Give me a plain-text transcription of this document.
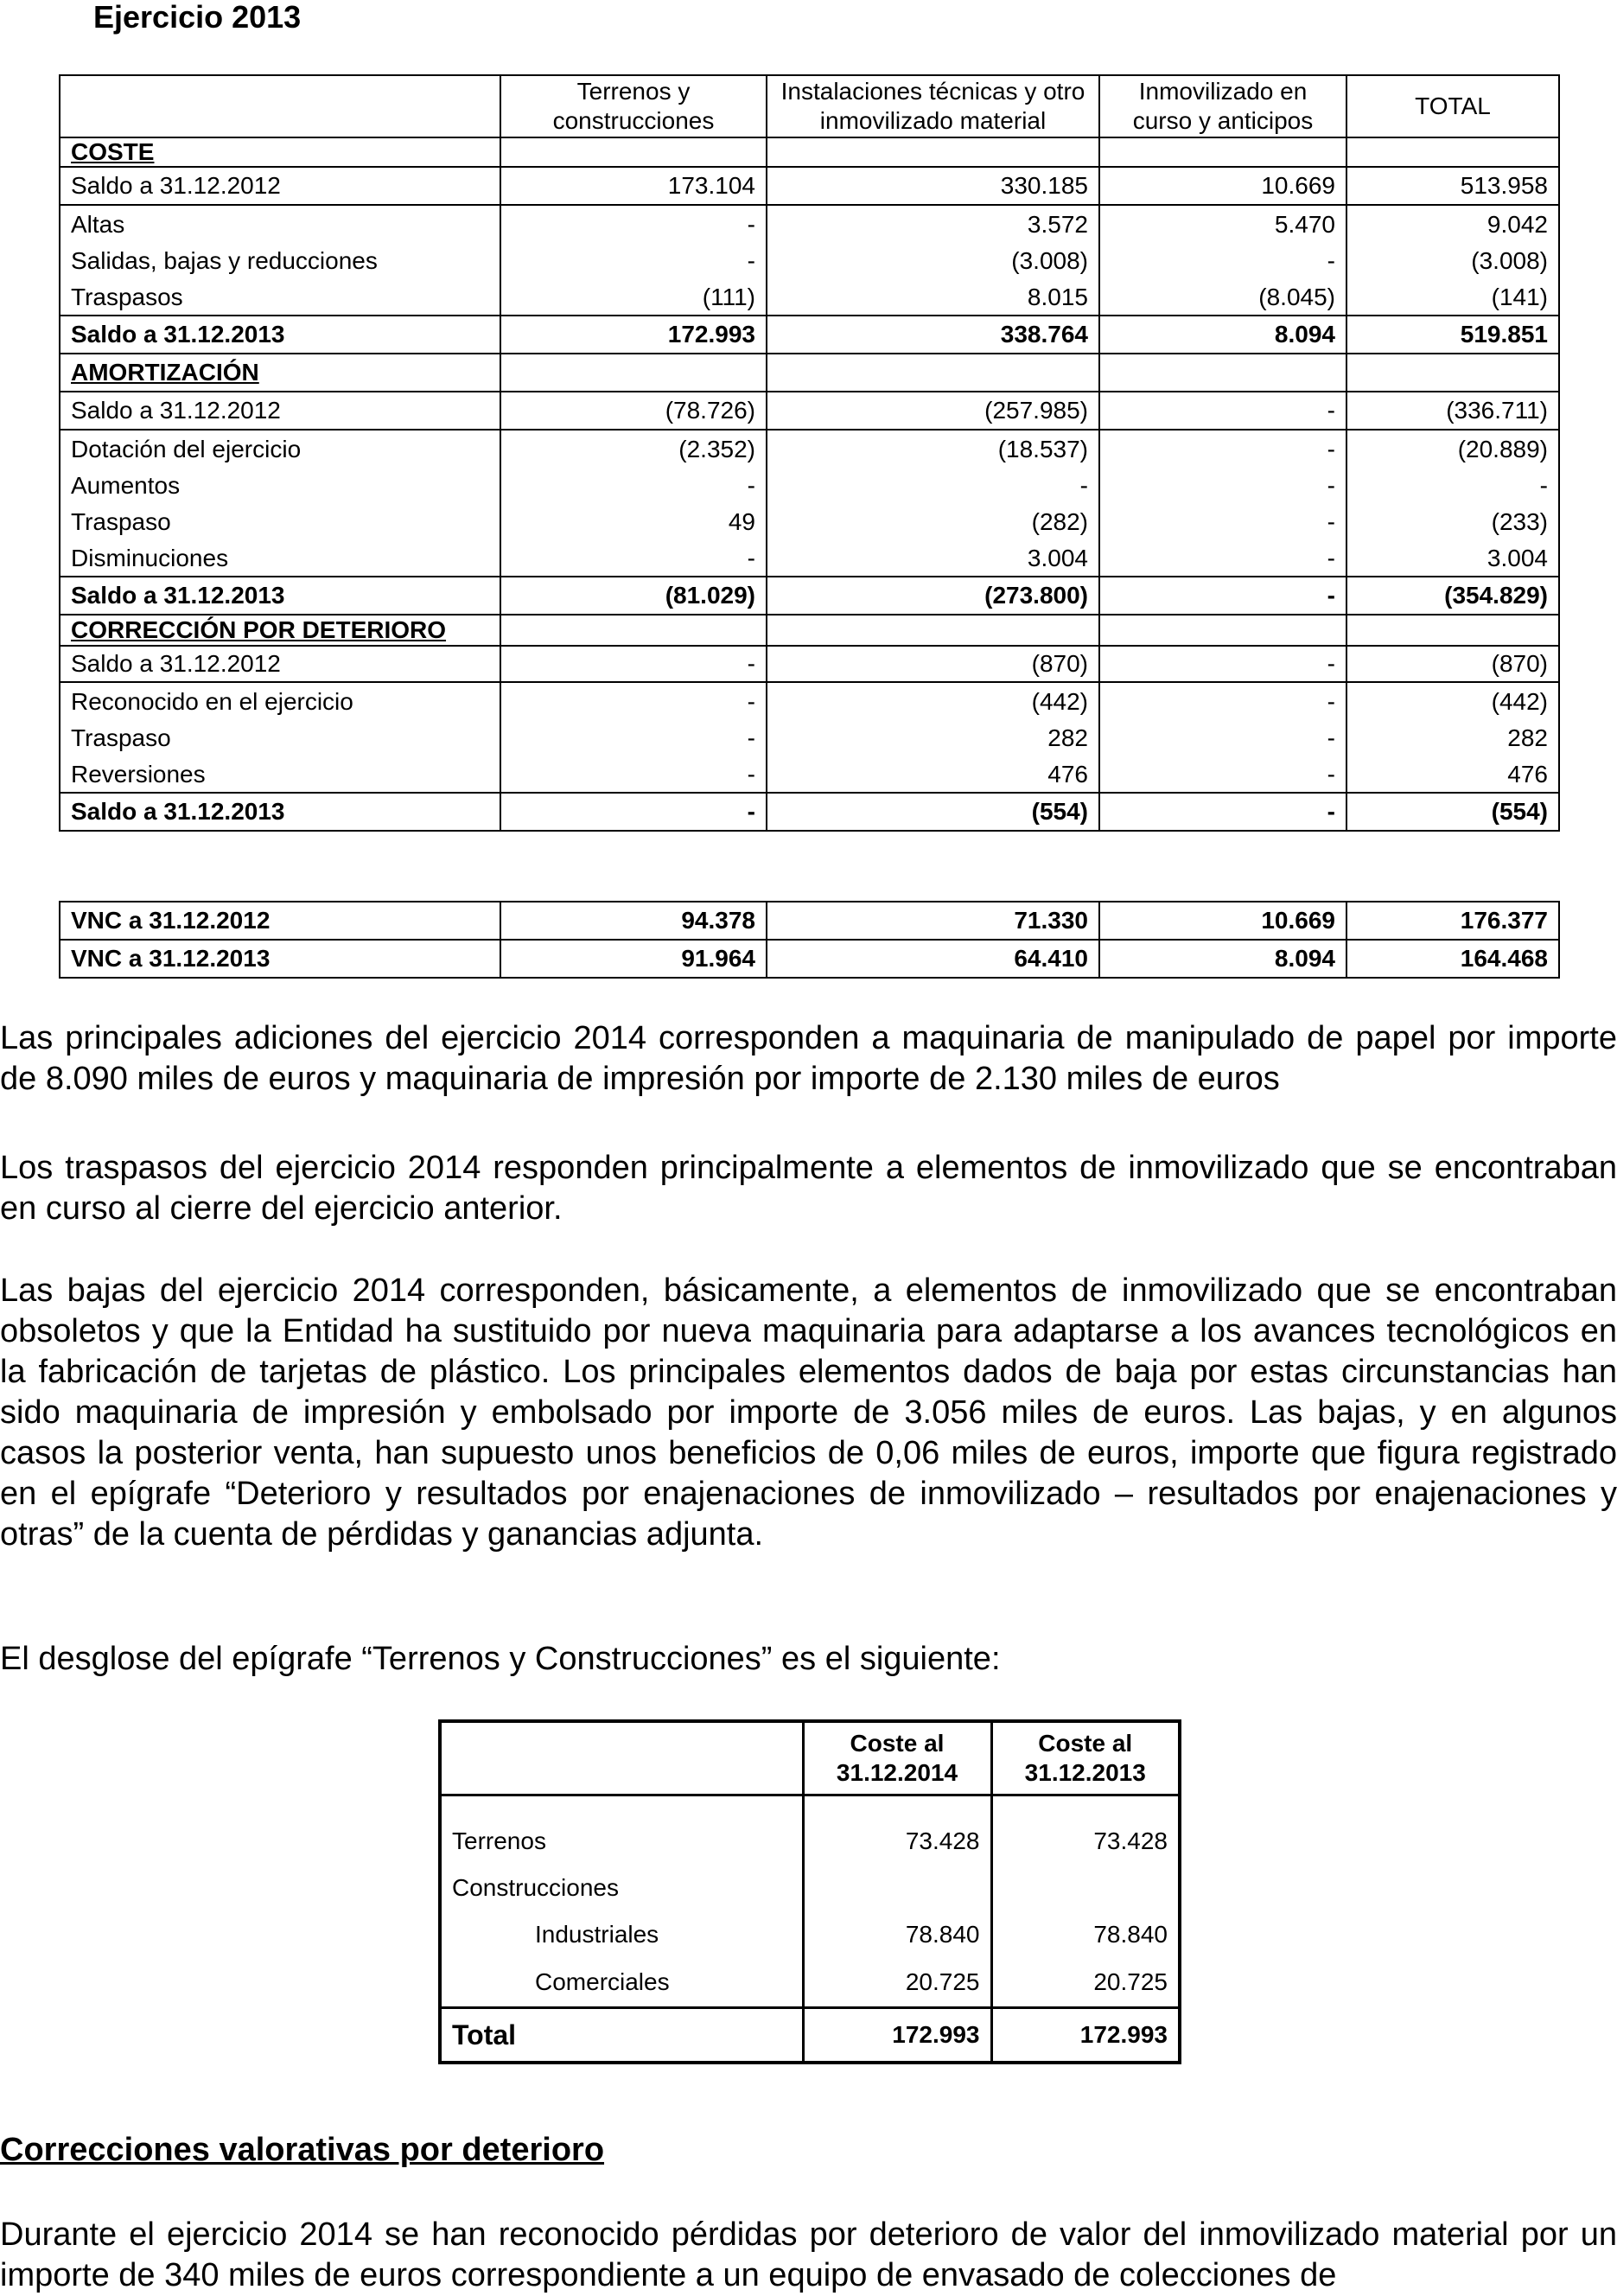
Ejercicio 2013
	Terrenos y construcciones	Instalaciones técnicas y otro inmovilizado material	Inmovilizado en curso y anticipos	TOTAL
COSTE				
Saldo a 31.12.2012	173.104	330.185	10.669	513.958
Altas	-	3.572	5.470	9.042
Salidas, bajas y reducciones	-	(3.008)	-	(3.008)
Traspasos	(111)	8.015	(8.045)	(141)
Saldo a 31.12.2013	172.993	338.764	8.094	519.851
AMORTIZACIÓN				
Saldo a 31.12.2012	(78.726)	(257.985)	-	(336.711)
Dotación del ejercicio	(2.352)	(18.537)	-	(20.889)
Aumentos	-	-	-	-
Traspaso	49	(282)	-	(233)
Disminuciones	-	3.004	-	3.004
Saldo a 31.12.2013	(81.029)	(273.800)	-	(354.829)
CORRECCIÓN POR DETERIORO				
Saldo a 31.12.2012	-	(870)	-	(870)
Reconocido en el ejercicio	-	(442)	-	(442)
Traspaso	-	282	-	282
Reversiones	-	476	-	476
Saldo a 31.12.2013	-	(554)	-	(554)
VNC a 31.12.2012	94.378	71.330	10.669	176.377
VNC a 31.12.2013	91.964	64.410	8.094	164.468

Las principales adiciones del ejercicio 2014 corresponden a maquinaria de manipulado de papel por importe de 8.090 miles de euros y maquinaria de impresión por importe de 2.130 miles de euros

Los traspasos del ejercicio 2014 responden principalmente a elementos de inmovilizado que se encontraban en curso al cierre del ejercicio anterior.

Las bajas del ejercicio 2014 corresponden, básicamente, a elementos de inmovilizado que se encontraban obsoletos y que la Entidad ha sustituido por nueva maquinaria para adaptarse a los avances tecnológicos en la fabricación de tarjetas de plástico. Los principales elementos dados de baja por estas circunstancias han sido maquinaria de impresión y embolsado por importe de 3.056 miles de euros. Las bajas, y en algunos casos la posterior venta, han supuesto unos beneficios de 0,06 miles de euros, importe que figura registrado en el epígrafe “Deterioro y resultados por enajenaciones de inmovilizado – resultados por enajenaciones y otras” de la cuenta de pérdidas y ganancias adjunta.

El desglose del epígrafe “Terrenos y Construcciones” es el siguiente:

	Coste al 31.12.2014	Coste al 31.12.2013

Terrenos	73.428	73.428
Construcciones		
Industriales	78.840	78.840
Comerciales	20.725	20.725
Total	172.993	172.993
Correcciones valorativas por deterioro

Durante el ejercicio 2014 se han reconocido pérdidas por deterioro de valor del inmovilizado material por un importe de 340 miles de euros correspondiente a un equipo de envasado de colecciones de
